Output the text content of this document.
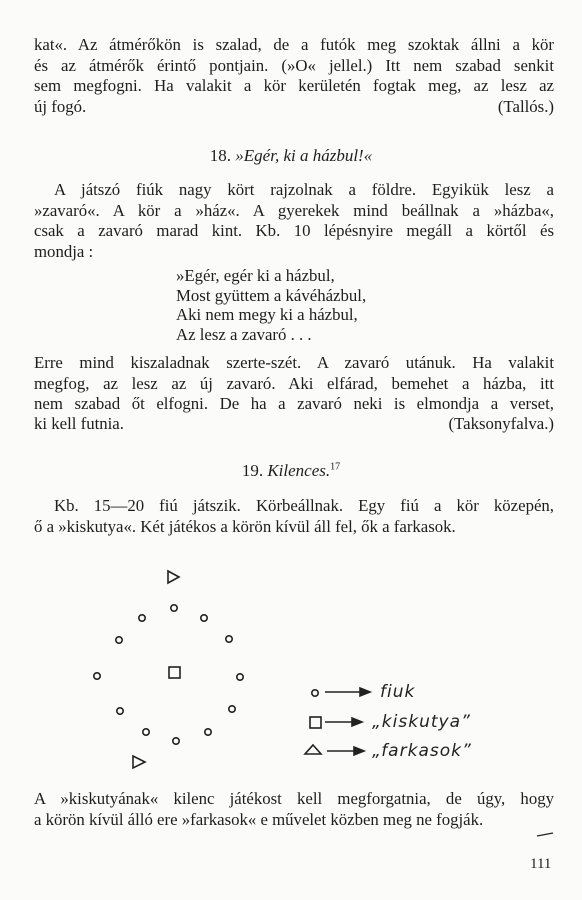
kat«. Az átmérőkön is szalad, de a futók meg szoktak állni a kör
és az átmérők érintő pontjain. (»O« jellel.) Itt nem szabad senkit
sem megfogni. Ha valakit a kör kerületén fogtak meg, az lesz az
új fogó.	(Tallós.)
18. »Egér, ki a házbul!«
A játszó fiúk nagy kört rajzolnak a földre. Egyikük lesz a
»zavaró«. A kör a »ház«. A gyerekek mind beállnak a »házba«,
csak a zavaró marad kint. Kb. 10 lépésnyire megáll a körtől és
mondja :
»Egér, egér ki a házbul,
Most gyüttem a kávéházbul,
Aki nem megy ki a házbul,
Az lesz a zavaró . . .
Erre mind kiszaladnak szerte-szét. A zavaró utánuk. Ha valakit
megfog, az lesz az új zavaró. Aki elfárad, bemehet a házba, itt
nem szabad őt elfogni. De ha a zavaró neki is elmondja a verset,
ki kell futnia.	(Taksonyfalva.)
19. Kilences.$^{17}$
Kb. 15—20 fiú játszik. Körbeállnak. Egy fiú a kör közepén,
ő a »kiskutya«. Két játékos a körön kívül áll fel, ők a farkasok.
fiuk
„kiskutya”
„farkasok”
A »kiskutyának« kilenc játékost kell megforgatnia, de úgy, hogy
a körön kívül álló ere »farkasok« e művelet közben meg ne fogják.
111
